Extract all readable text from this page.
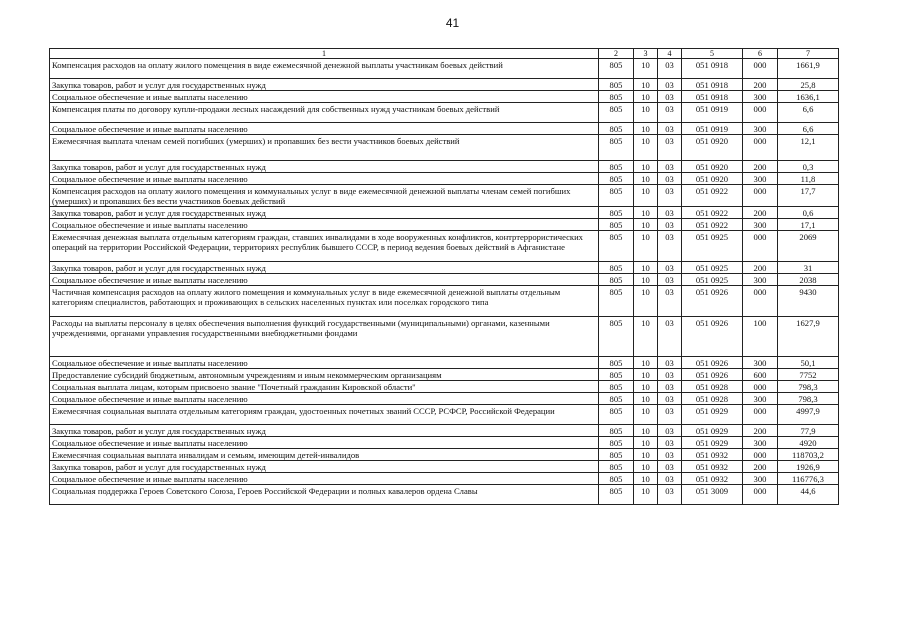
41
1	2	3	4	5	6	7
Компенсация расходов на оплату жилого помещения в виде ежемесячной денежной выплаты участникам боевых действий	805	10	03	051 0918	000	1661,9
Закупка товаров, работ и услуг для государственных нужд	805	10	03	051 0918	200	25,8
Социальное обеспечение и иные выплаты населению	805	10	03	051 0918	300	1636,1
Компенсация платы по договору купли-продажи лесных насаждений для собственных нужд участникам боевых действий	805	10	03	051 0919	000	6,6
Социальное обеспечение и иные выплаты населению	805	10	03	051 0919	300	6,6
Ежемесячная выплата членам семей погибших (умерших) и пропавших без вести участников боевых действий	805	10	03	051 0920	000	12,1
Закупка товаров, работ и услуг для государственных нужд	805	10	03	051 0920	200	0,3
Социальное обеспечение и иные выплаты населению	805	10	03	051 0920	300	11,8
Компенсация расходов на оплату жилого помещения и коммунальных услуг в виде ежемесячной денежной выплаты членам семей погибших (умерших) и пропавших без вести участников боевых действий	805	10	03	051 0922	000	17,7
Закупка товаров, работ и услуг для государственных нужд	805	10	03	051 0922	200	0,6
Социальное обеспечение и иные выплаты населению	805	10	03	051 0922	300	17,1
Ежемесячная денежная выплата отдельным категориям граждан, ставших инвалидами в ходе вооруженных конфликтов, контртеррористических операций на территории Российской Федерации, территориях республик бывшего СССР, в период ведения боевых действий в Афганистане	805	10	03	051 0925	000	2069
Закупка товаров, работ и услуг для государственных нужд	805	10	03	051 0925	200	31
Социальное обеспечение и иные выплаты населению	805	10	03	051 0925	300	2038
Частичная компенсация расходов на оплату жилого помещения и коммунальных услуг в виде ежемесячной денежной выплаты отдельным категориям специалистов, работающих и проживающих в сельских населенных пунктах или поселках городского типа	805	10	03	051 0926	000	9430
Расходы на выплаты персоналу в целях обеспечения выполнения функций государственными (муниципальными) органами, казенными учреждениями, органами управления государственными внебюджетными фондами	805	10	03	051 0926	100	1627,9
Социальное обеспечение и иные выплаты населению	805	10	03	051 0926	300	50,1
Предоставление субсидий бюджетным, автономным учреждениям и иным некоммерческим организациям	805	10	03	051 0926	600	7752
Социальная выплата лицам, которым присвоено звание "Почетный гражданин Кировской области"	805	10	03	051 0928	000	798,3
Социальное обеспечение и иные выплаты населению	805	10	03	051 0928	300	798,3
Ежемесячная социальная выплата отдельным категориям граждан, удостоенных почетных званий СССР, РСФСР, Российской Федерации	805	10	03	051 0929	000	4997,9
Закупка товаров, работ и услуг для государственных нужд	805	10	03	051 0929	200	77,9
Социальное обеспечение и иные выплаты населению	805	10	03	051 0929	300	4920
Ежемесячная социальная выплата инвалидам и семьям, имеющим детей-инвалидов	805	10	03	051 0932	000	118703,2
Закупка товаров, работ и услуг для государственных нужд	805	10	03	051 0932	200	1926,9
Социальное обеспечение и иные выплаты населению	805	10	03	051 0932	300	116776,3
Социальная поддержка Героев Советского Союза, Героев Российской Федерации и полных кавалеров ордена Славы	805	10	03	051 3009	000	44,6
